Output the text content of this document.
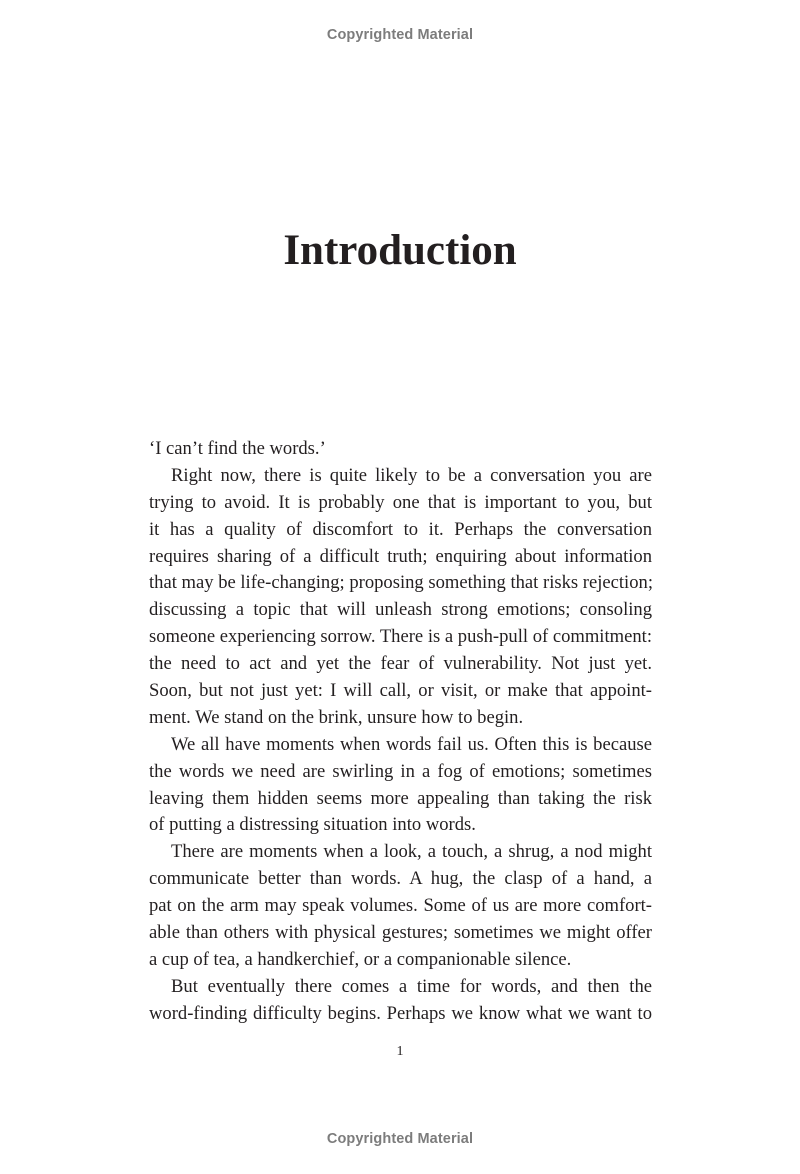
Copyrighted Material
Introduction
‘I can’t find the words.’
Right now, there is quite likely to be a conversation you are
trying to avoid. It is probably one that is important to you, but
it has a quality of discomfort to it. Perhaps the conversation
requires sharing of a difficult truth; enquiring about information
that may be life-changing; proposing something that risks rejection;
discussing a topic that will unleash strong emotions; consoling
someone experiencing sorrow. There is a push-pull of commitment:
the need to act and yet the fear of vulnerability. Not just yet.
Soon, but not just yet: I will call, or visit, or make that appoint-
ment. We stand on the brink, unsure how to begin.
We all have moments when words fail us. Often this is because
the words we need are swirling in a fog of emotions; sometimes
leaving them hidden seems more appealing than taking the risk
of putting a distressing situation into words.
There are moments when a look, a touch, a shrug, a nod might
communicate better than words. A hug, the clasp of a hand, a
pat on the arm may speak volumes. Some of us are more comfort-
able than others with physical gestures; sometimes we might offer
a cup of tea, a handkerchief, or a companionable silence.
But eventually there comes a time for words, and then the
word-finding difficulty begins. Perhaps we know what we want to
1
Copyrighted Material
